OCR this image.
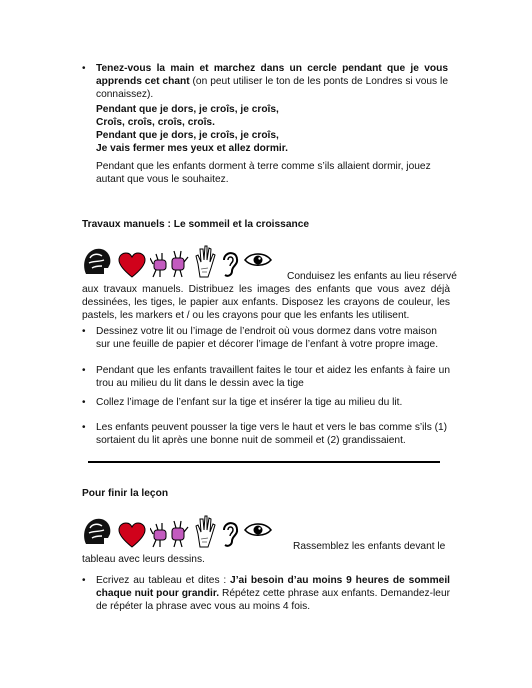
• Tenez-vous la main et marchez dans un cercle pendant que je vous apprends cet chant (on peut utiliser le ton de les ponts de Londres si vous le connaissez).
Pendant que je dors, je croîs, je croîs,
Croîs, croîs, croîs, croîs.
Pendant que je dors, je croîs, je croîs,
Je vais fermer mes yeux et allez dormir.
Pendant que les enfants dorment à terre comme s’ils allaient dormir, jouez autant que vous le souhaitez.
Travaux manuels : Le sommeil et la croissance
Conduisez les enfants au lieu réservé
aux travaux manuels. Distribuez les images des enfants que vous avez déjà dessinées, les tiges, le papier aux enfants. Disposez les crayons de couleur, les pastels, les markers et / ou les crayons pour que les enfants les utilisent.
• Dessinez votre lit ou l’image de l’endroit où vous dormez dans votre maison sur une feuille de papier et décorer l’image de l’enfant à votre propre image.
• Pendant que les enfants travaillent faites le tour et aidez les enfants à faire un trou au milieu du lit dans le dessin avec la tige
• Collez l’image de l’enfant sur la tige et insérer la tige au milieu du lit.
• Les enfants peuvent pousser la tige vers le haut et vers le bas comme s’ils (1) sortaient du lit après une bonne nuit de sommeil et (2) grandissaient.
Pour finir la leçon
Rassemblez les enfants devant le
tableau avec leurs dessins.
• Ecrivez au tableau et dites : J’ai besoin d’au moins 9 heures de sommeil chaque nuit pour grandir. Répétez cette phrase aux enfants. Demandez-leur de répéter la phrase avec vous au moins 4 fois.
